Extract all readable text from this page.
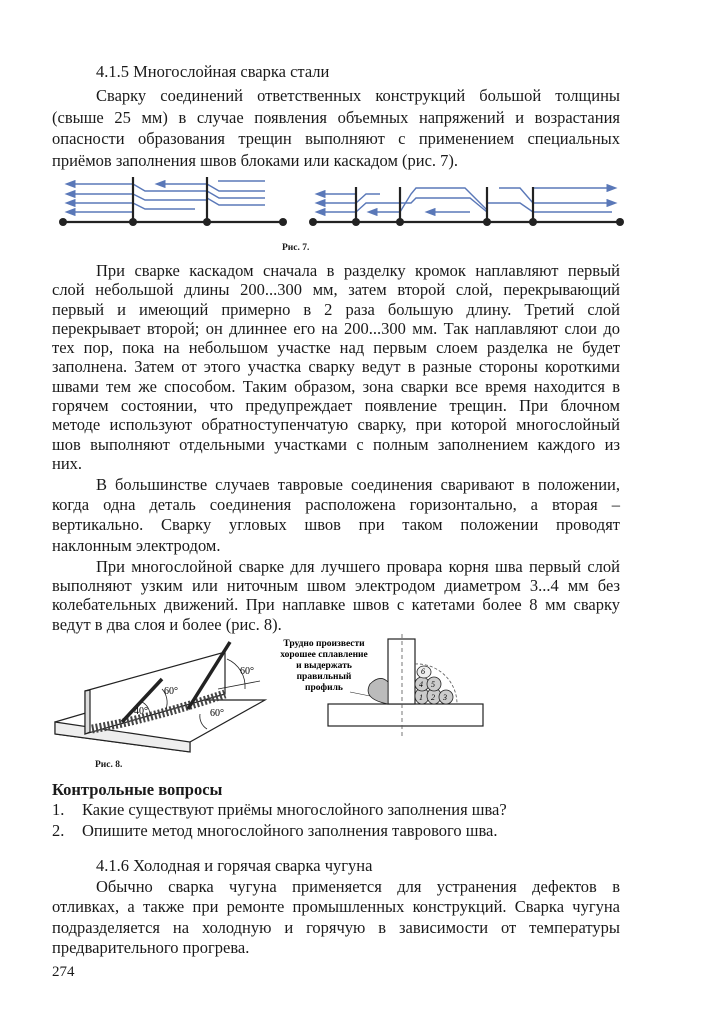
4.1.5 Многослойная сварка стали
Сварку соединений ответственных конструкций большой толщины
(свыше 25 мм) в случае появления объемных напряжений и возрастания
опасности образования трещин выполняют с применением специальных
приёмов заполнения швов блоками или каскадом (рис. 7).
Рис. 7.
При сварке каскадом сначала в разделку кромок наплавляют первый
слой небольшой длины 200...300 мм, затем второй слой, перекрывающий
первый и имеющий примерно в 2 раза большую длину. Третий слой
перекрывает второй; он длиннее его на 200...300 мм. Так наплавляют слои до
тех пор, пока на небольшом участке над первым слоем разделка не будет
заполнена. Затем от этого участка сварку ведут в разные стороны короткими
швами тем же способом. Таким образом, зона сварки все время находится в
горячем состоянии, что предупреждает появление трещин. При блочном
методе используют обратноступенчатую сварку, при которой многослойный
шов выполняют отдельными участками с полным заполнением каждого из
них.
В большинстве случаев тавровые соединения сваривают в положении,
когда одна деталь соединения расположена горизонтально, а вторая –
вертикально. Сварку угловых швов при таком положении проводят
наклонным электродом.
При многослойной сварке для лучшего провара корня шва первый слой
выполняют узким или ниточным швом электродом диаметром 3...4 мм без
колебательных движений. При наплавке швов с катетами более 8 мм сварку
ведут в два слоя и более (рис. 8).
60°
40°
60°
60°
Рис. 8.
1 2 3
4 5
6
Трудно произвести
хорошее сплавление
и выдержать
правильный
профиль
Контрольные вопросы
1. Какие существуют приёмы многослойного заполнения шва?
2. Опишите метод многослойного заполнения таврового шва.
4.1.6 Холодная и горячая сварка чугуна
Обычно сварка чугуна применяется для устранения дефектов в
отливках, а также при ремонте промышленных конструкций. Сварка чугуна
подразделяется на холодную и горячую в зависимости от температуры
предварительного прогрева.
274
